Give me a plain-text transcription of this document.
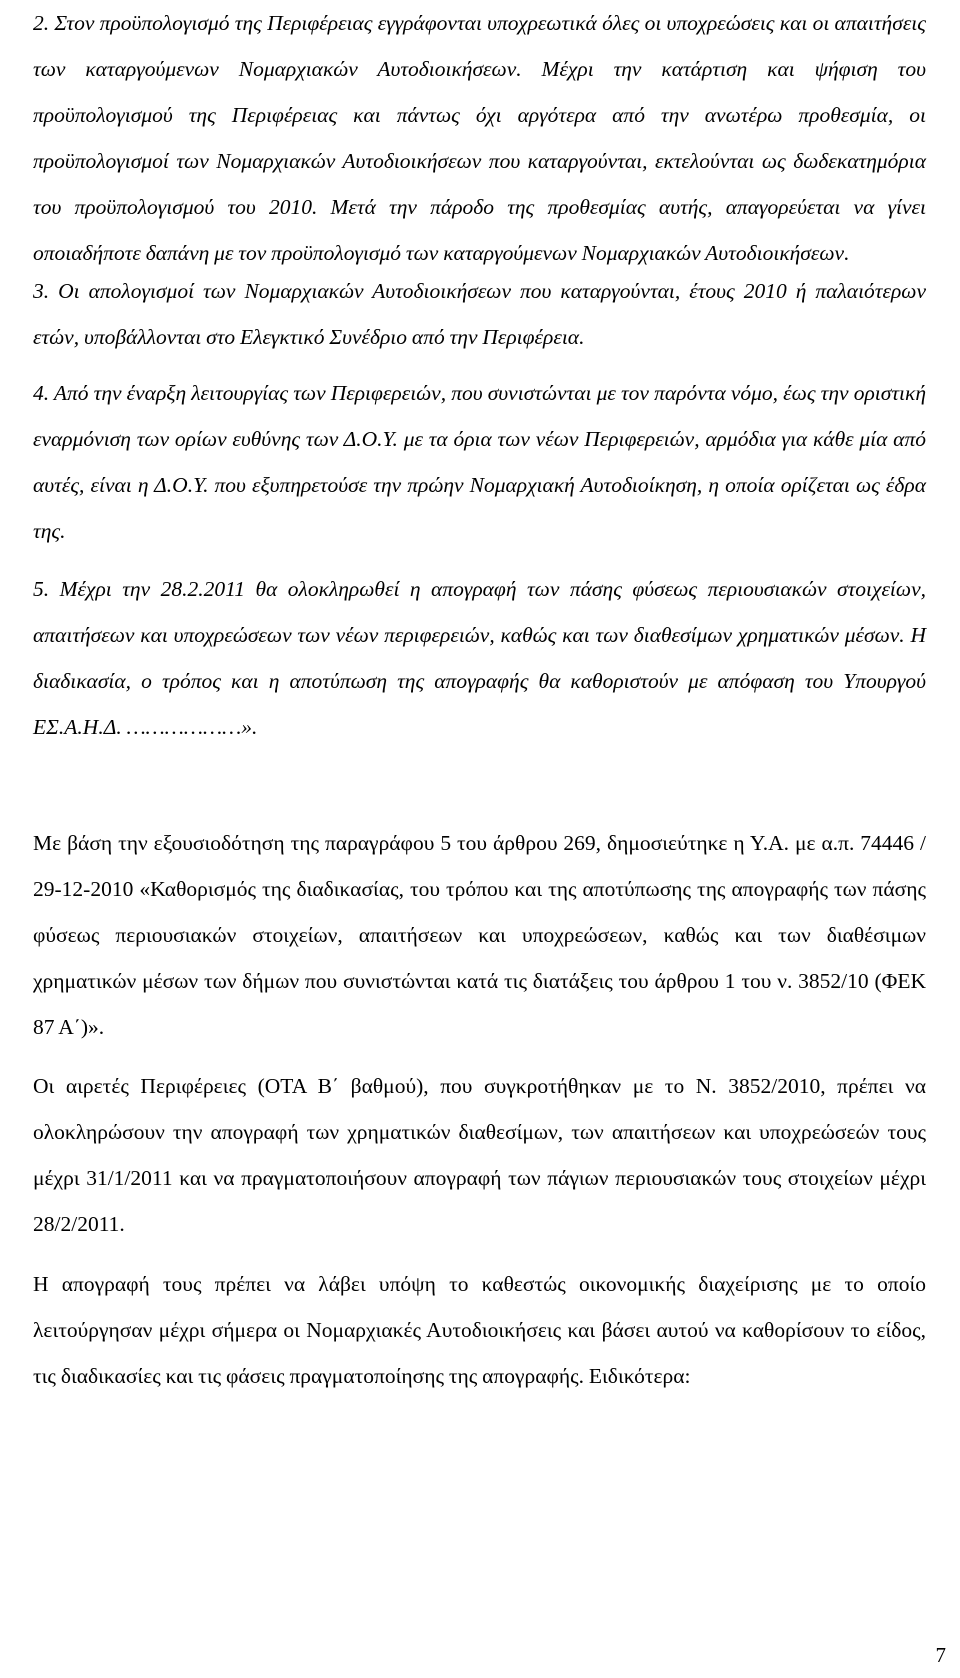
2. Στον προϋπολογισμό της Περιφέρειας εγγράφονται υποχρεωτικά όλες οι υποχρεώσεις και οι απαιτήσεις των καταργούμενων Νομαρχιακών Αυτοδιοικήσεων. Μέχρι την κατάρτιση και ψήφιση του προϋπολογισμού της Περιφέρειας και πάντως όχι αργότερα από την ανωτέρω προθεσμία, οι προϋπολογισμοί των Νομαρχιακών Αυτοδιοικήσεων που καταργούνται, εκτελούνται ως δωδεκατημόρια του προϋπολογισμού του 2010. Μετά την πάροδο της προθεσμίας αυτής, απαγορεύεται να γίνει οποιαδήποτε δαπάνη με τον προϋπολογισμό των καταργούμενων Νομαρχιακών Αυτοδιοικήσεων.

3. Οι απολογισμοί των Νομαρχιακών Αυτοδιοικήσεων που καταργούνται, έτους 2010 ή παλαιότερων ετών, υποβάλλονται στο Ελεγκτικό Συνέδριο από την Περιφέρεια.

4. Από την έναρξη λειτουργίας των Περιφερειών, που συνιστώνται με τον παρόντα νόμο, έως την οριστική εναρμόνιση των ορίων ευθύνης των Δ.Ο.Υ. με τα όρια των νέων Περιφερειών, αρμόδια για κάθε μία από αυτές, είναι η Δ.Ο.Υ. που εξυπηρετούσε την πρώην Νομαρχιακή Αυτοδιοίκηση, η οποία ορίζεται ως έδρα της.

5. Μέχρι την 28.2.2011 θα ολοκληρωθεί η απογραφή των πάσης φύσεως περιουσιακών στοιχείων, απαιτήσεων και υποχρεώσεων των νέων περιφερειών, καθώς και των διαθεσίμων χρηματικών μέσων. Η διαδικασία, ο τρόπος και η αποτύπωση της απογραφής θα καθοριστούν με απόφαση του Υπουργού ΕΣ.Α.Η.Δ. ………………».

Με βάση την εξουσιοδότηση της παραγράφου 5 του άρθρου 269, δημοσιεύτηκε η Υ.Α. με α.π. 74446 / 29-12-2010 «Καθορισμός της διαδικασίας, του τρόπου και της αποτύπωσης της απογραφής των πάσης φύσεως περιουσιακών στοιχείων, απαιτήσεων και υποχρεώσεων, καθώς και των διαθέσιμων χρηματικών μέσων των δήμων που συνιστώνται κατά τις διατάξεις του άρθρου 1 του ν. 3852/10 (ΦΕΚ 87 Α΄)».

Οι αιρετές Περιφέρειες (ΟΤΑ Β΄ βαθμού), που συγκροτήθηκαν με το Ν. 3852/2010, πρέπει να ολοκληρώσουν την απογραφή των χρηματικών διαθεσίμων, των απαιτήσεων και υποχρεώσεών τους μέχρι 31/1/2011 και να πραγματοποιήσουν απογραφή των πάγιων περιουσιακών τους στοιχείων μέχρι 28/2/2011.

Η απογραφή τους πρέπει να λάβει υπόψη το καθεστώς οικονομικής διαχείρισης με το οποίο λειτούργησαν μέχρι σήμερα οι Νομαρχιακές Αυτοδιοικήσεις και βάσει αυτού να καθορίσουν το είδος, τις διαδικασίες και τις φάσεις πραγματοποίησης της απογραφής. Ειδικότερα:

7
